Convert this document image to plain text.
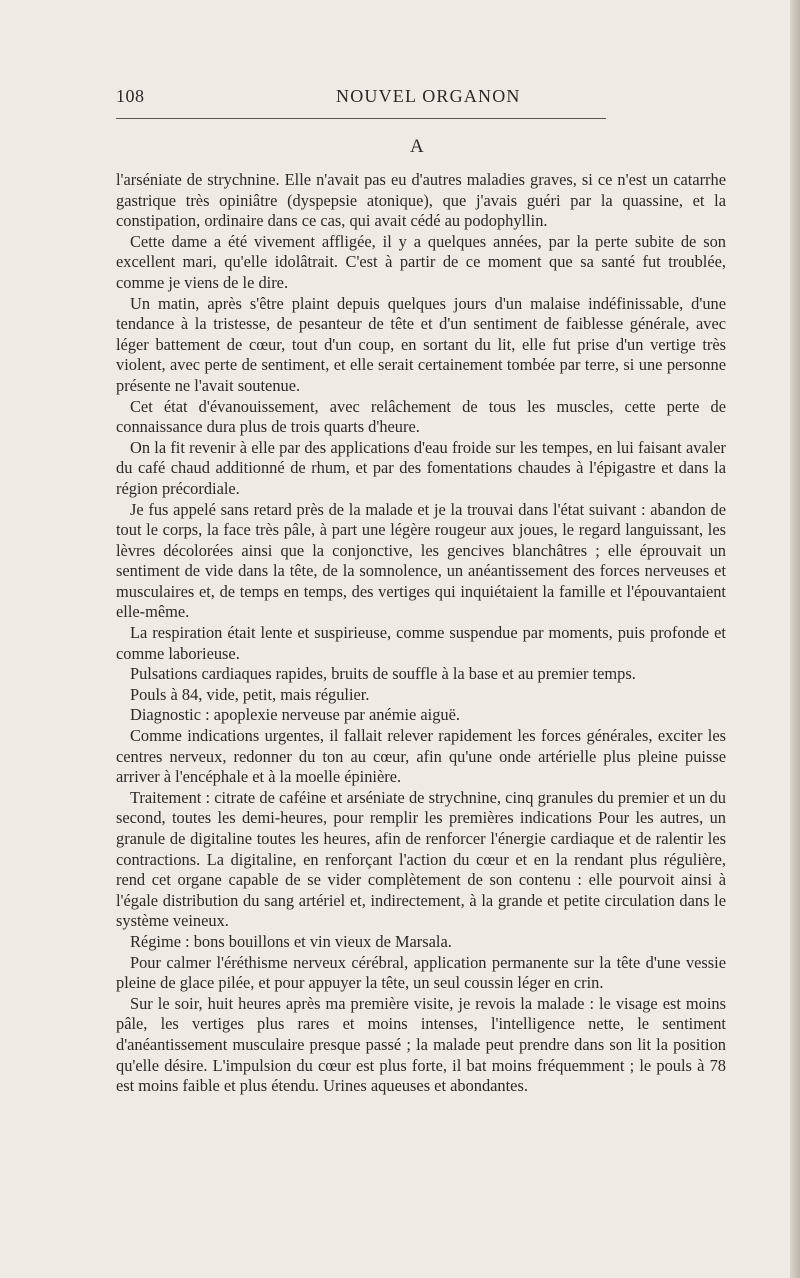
108	NOUVEL ORGANON
A

l'arséniate de strychnine. Elle n'avait pas eu d'autres maladies graves, si ce n'est un catarrhe gastrique très opiniâtre (dyspepsie atonique), que j'avais guéri par la quassine, et la constipation, ordinaire dans ce cas, qui avait cédé au podophyllin.

Cette dame a été vivement affligée, il y a quelques années, par la perte subite de son excellent mari, qu'elle idolâtrait. C'est à partir de ce moment que sa santé fut troublée, comme je viens de le dire.

Un matin, après s'être plaint depuis quelques jours d'un malaise indéfinissable, d'une tendance à la tristesse, de pesanteur de tête et d'un sentiment de faiblesse générale, avec léger battement de cœur, tout d'un coup, en sortant du lit, elle fut prise d'un vertige très violent, avec perte de sentiment, et elle serait certainement tombée par terre, si une personne présente ne l'avait soutenue.

Cet état d'évanouissement, avec relâchement de tous les muscles, cette perte de connaissance dura plus de trois quarts d'heure.

On la fit revenir à elle par des applications d'eau froide sur les tempes, en lui faisant avaler du café chaud additionné de rhum, et par des fomentations chaudes à l'épigastre et dans la région précordiale.

Je fus appelé sans retard près de la malade et je la trouvai dans l'état suivant : abandon de tout le corps, la face très pâle, à part une légère rougeur aux joues, le regard languissant, les lèvres décolorées ainsi que la conjonctive, les gencives blanchâtres ; elle éprouvait un sentiment de vide dans la tête, de la somnolence, un anéantissement des forces nerveuses et musculaires et, de temps en temps, des vertiges qui inquiétaient la famille et l'épouvantaient elle-même.

La respiration était lente et suspirieuse, comme suspendue par moments, puis profonde et comme laborieuse.

Pulsations cardiaques rapides, bruits de souffle à la base et au premier temps.

Pouls à 84, vide, petit, mais régulier.

Diagnostic : apoplexie nerveuse par anémie aiguë.

Comme indications urgentes, il fallait relever rapidement les forces générales, exciter les centres nerveux, redonner du ton au cœur, afin qu'une onde artérielle plus pleine puisse arriver à l'encéphale et à la moelle épinière.

Traitement : citrate de caféine et arséniate de strychnine, cinq granules du premier et un du second, toutes les demi-heures, pour remplir les premières indications Pour les autres, un granule de digitaline toutes les heures, afin de renforcer l'énergie cardiaque et de ralentir les contractions. La digitaline, en renforçant l'action du cœur et en la rendant plus régulière, rend cet organe capable de se vider complètement de son contenu : elle pourvoit ainsi à l'égale distribution du sang artériel et, indirectement, à la grande et petite circulation dans le système veineux.

Régime : bons bouillons et vin vieux de Marsala.

Pour calmer l'éréthisme nerveux cérébral, application permanente sur la tête d'une vessie pleine de glace pilée, et pour appuyer la tête, un seul coussin léger en crin.

Sur le soir, huit heures après ma première visite, je revois la malade : le visage est moins pâle, les vertiges plus rares et moins intenses, l'intelligence nette, le sentiment d'anéantissement musculaire presque passé ; la malade peut prendre dans son lit la position qu'elle désire. L'impulsion du cœur est plus forte, il bat moins fréquemment ; le pouls à 78 est moins faible et plus étendu. Urines aqueuses et abondantes.
